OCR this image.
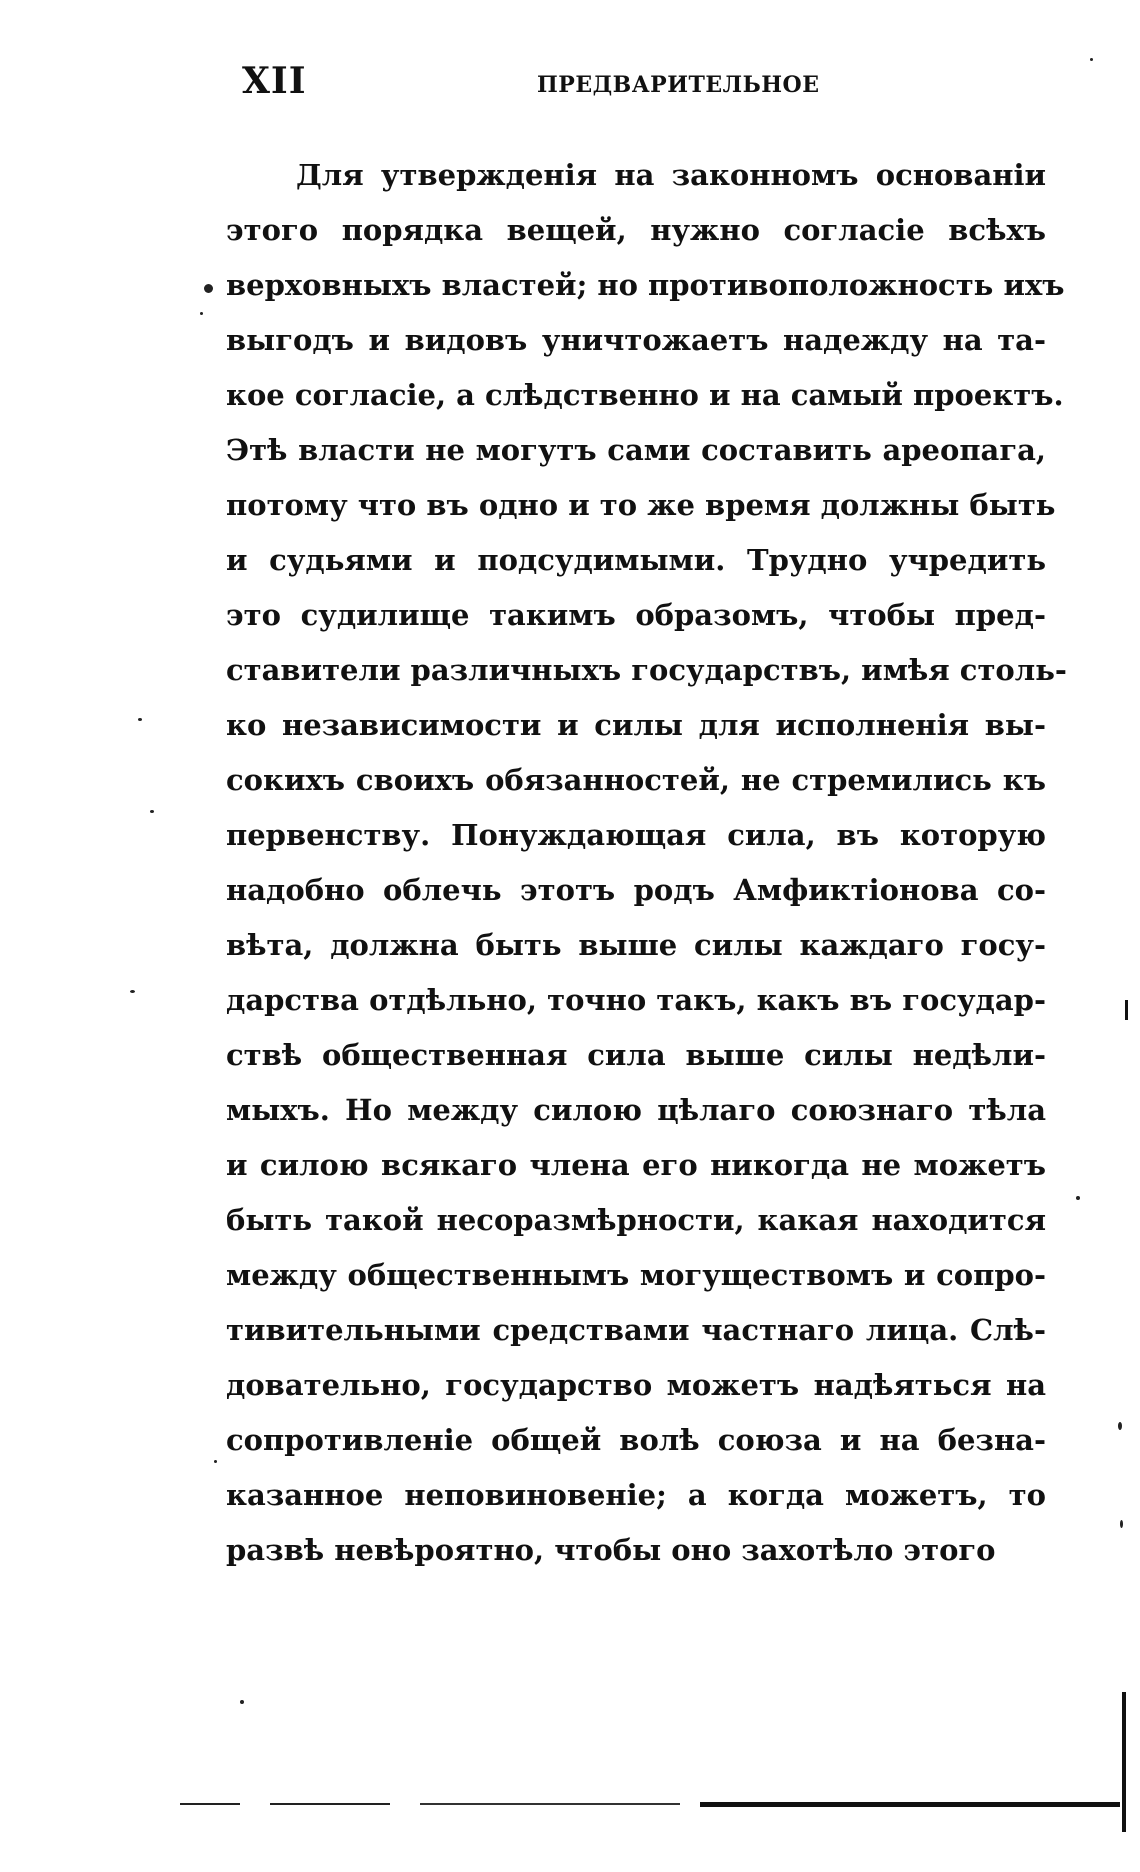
XII	ПРЕДВАРИТЕЛЬНОЕ
Для утвержденія на законномъ основаніи
этого порядка вещей, нужно согласіе всѣхъ
верховныхъ властей; но противоположность ихъ
выгодъ и видовъ уничтожаетъ надежду на та-
кое согласіе, а слѣдственно и на самый проектъ.
Этѣ власти не могутъ сами составить ареопага,
потому что въ одно и то же время должны быть
и судьями и подсудимыми. Трудно учредить
это судилище такимъ образомъ, чтобы пред-
ставители различныхъ государствъ, имѣя столь-
ко независимости и силы для исполненія вы-
сокихъ своихъ обязанностей, не стремились къ
первенству. Понуждающая сила, въ которую
надобно облечь этотъ родъ Амфиктіонова со-
вѣта, должна быть выше силы каждаго госу-
дарства отдѣльно, точно такъ, какъ въ государ-
ствѣ общественная сила выше силы недѣли-
мыхъ. Но между силою цѣлаго союзнаго тѣла
и силою всякаго члена его никогда не можетъ
быть такой несоразмѣрности, какая находится
между общественнымъ могуществомъ и сопро-
тивительными средствами частнаго лица. Слѣ-
довательно, государство можетъ надѣяться на
сопротивленіе общей волѣ союза и на безна-
казанное неповиновеніе; а когда можетъ, то
развѣ невѣроятно, чтобы оно захотѣло этого
